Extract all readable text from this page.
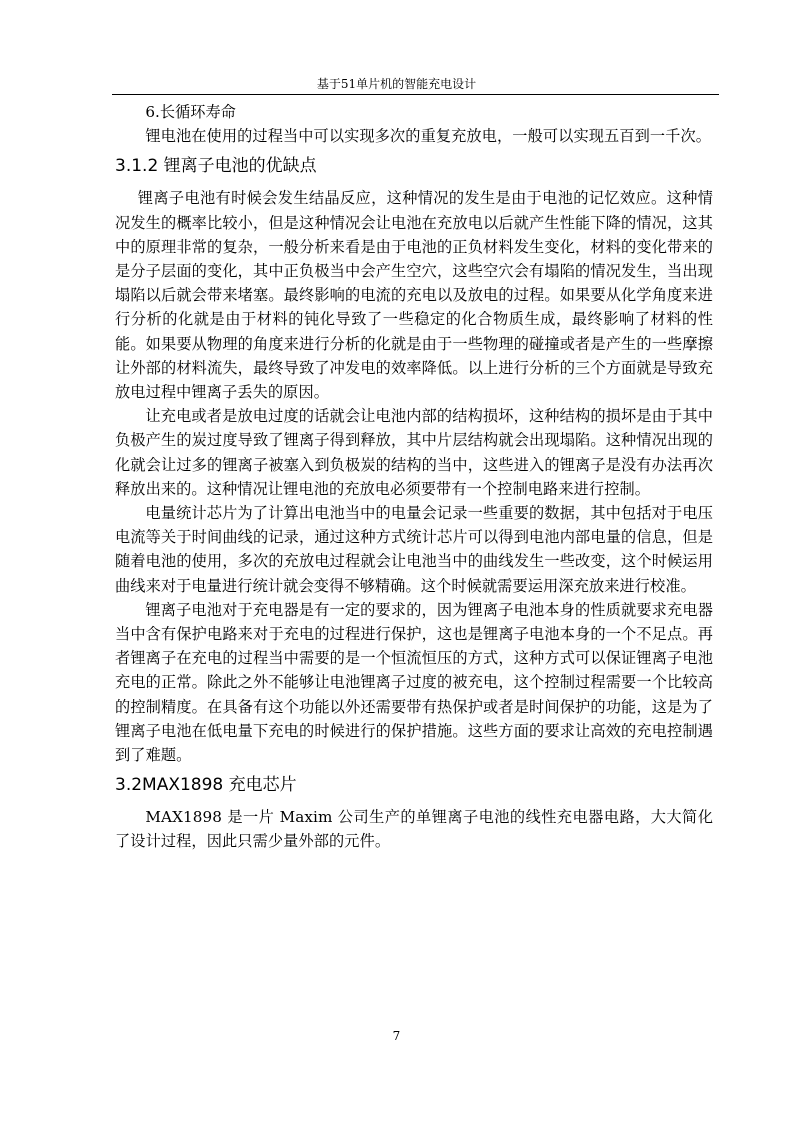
基于51单片机的智能充电设计

6.长循环寿命

锂电池在使用的过程当中可以实现多次的重复充放电，一般可以实现五百到一千次。

3.1.2 锂离子电池的优缺点

锂离子电池有时候会发生结晶反应，这种情况的发生是由于电池的记忆效应。这种情况发生的概率比较小，但是这种情况会让电池在充放电以后就产生性能下降的情况，这其中的原理非常的复杂，一般分析来看是由于电池的正负材料发生变化，材料的变化带来的是分子层面的变化，其中正负极当中会产生空穴，这些空穴会有塌陷的情况发生，当出现塌陷以后就会带来堵塞。最终影响的电流的充电以及放电的过程。如果要从化学角度来进行分析的化就是由于材料的钝化导致了一些稳定的化合物质生成，最终影响了材料的性能。如果要从物理的角度来进行分析的化就是由于一些物理的碰撞或者是产生的一些摩擦让外部的材料流失，最终导致了冲发电的效率降低。以上进行分析的三个方面就是导致充放电过程中锂离子丢失的原因。

让充电或者是放电过度的话就会让电池内部的结构损坏，这种结构的损坏是由于其中负极产生的炭过度导致了锂离子得到释放，其中片层结构就会出现塌陷。这种情况出现的化就会让过多的锂离子被塞入到负极炭的结构的当中，这些进入的锂离子是没有办法再次释放出来的。这种情况让锂电池的充放电必须要带有一个控制电路来进行控制。

电量统计芯片为了计算出电池当中的电量会记录一些重要的数据，其中包括对于电压电流等关于时间曲线的记录，通过这种方式统计芯片可以得到电池内部电量的信息，但是随着电池的使用，多次的充放电过程就会让电池当中的曲线发生一些改变，这个时候运用曲线来对于电量进行统计就会变得不够精确。这个时候就需要运用深充放来进行校准。

锂离子电池对于充电器是有一定的要求的，因为锂离子电池本身的性质就要求充电器当中含有保护电路来对于充电的过程进行保护，这也是锂离子电池本身的一个不足点。再者锂离子在充电的过程当中需要的是一个恒流恒压的方式，这种方式可以保证锂离子电池充电的正常。除此之外不能够让电池锂离子过度的被充电，这个控制过程需要一个比较高的控制精度。在具备有这个功能以外还需要带有热保护或者是时间保护的功能，这是为了锂离子电池在低电量下充电的时候进行的保护措施。这些方面的要求让高效的充电控制遇到了难题。

3.2MAX1898 充电芯片

MAX1898 是一片 Maxim 公司生产的单锂离子电池的线性充电器电路，大大简化了设计过程，因此只需少量外部的元件。

7
